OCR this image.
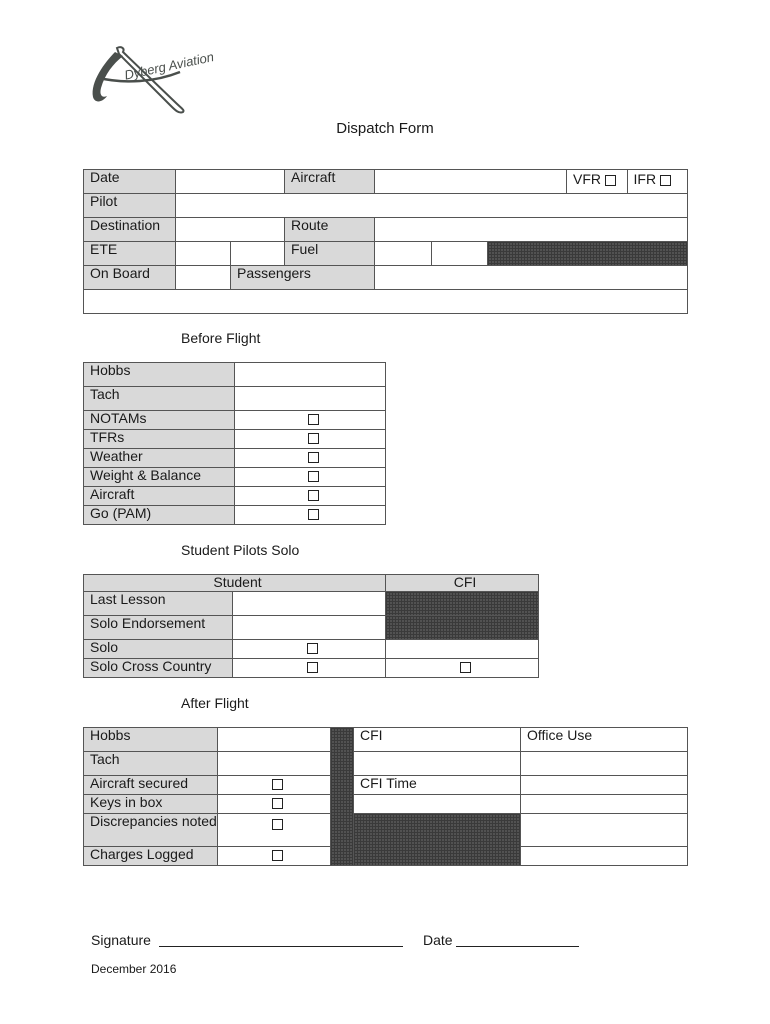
Dyberg Aviation
Dispatch Form
Date			Aircraft				VFR IFR

Pilot							
Destination			Route				
ETE			Fuel				
On Board		Passengers					

Before Flight
Hobbs	
Tach	
NOTAMs	
TFRs	
Weather	
Weight & Balance	
Aircraft	
Go (PAM)	
Student Pilots Solo
Student		CFI
Last Lesson		
Solo Endorsement		
Solo		
Solo Cross Country		
After Flight
Hobbs			CFI	Office Use
Tach				
Aircraft secured			CFI Time	
Keys in box				
Discrepancies noted				
Charges Logged				
Signature	Date
December 2016
